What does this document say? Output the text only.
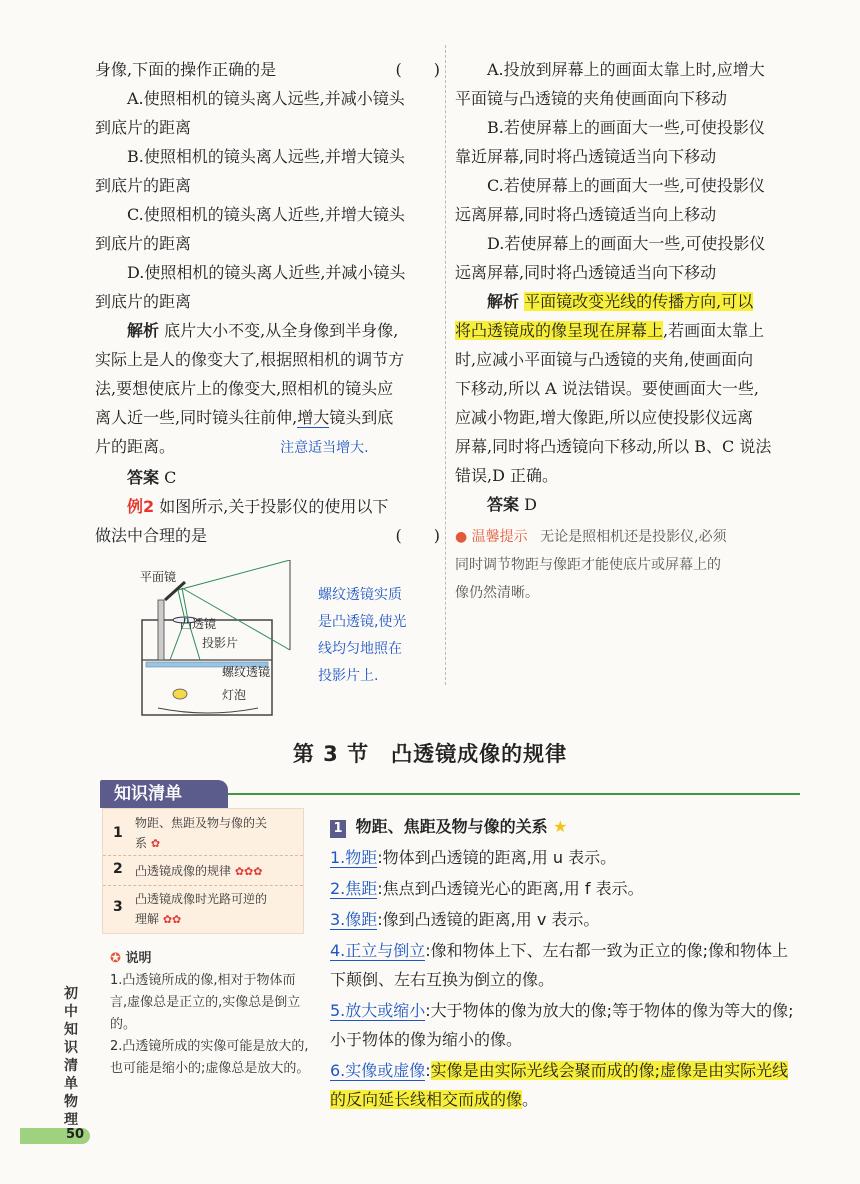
身像,下面的操作正确的是	(　　)

A.使照相机的镜头离人远些,并减小镜头

到底片的距离

B.使照相机的镜头离人远些,并增大镜头

到底片的距离

C.使照相机的镜头离人近些,并增大镜头

到底片的距离

D.使照相机的镜头离人近些,并减小镜头

到底片的距离

解析 底片大小不变,从全身像到半身像,

实际上是人的像变大了,根据照相机的调节方

法,要想使底片上的像变大,照相机的镜头应

离人近一些,同时镜头往前伸,增大镜头到底

片的距离。	注意适当增大.

答案 C

例2 如图所示,关于投影仪的使用以下

做法中合理的是	(　　)

平面镜
凸透镜
投影片
螺纹透镜
灯泡
螺纹透镜实质
是凸透镜,使光
线均匀地照在
投影片上.

A.投放到屏幕上的画面太靠上时,应增大

平面镜与凸透镜的夹角使画面向下移动

B.若使屏幕上的画面大一些,可使投影仪

靠近屏幕,同时将凸透镜适当向下移动

C.若使屏幕上的画面大一些,可使投影仪

远离屏幕,同时将凸透镜适当向上移动

D.若使屏幕上的画面大一些,可使投影仪

远离屏幕,同时将凸透镜适当向下移动

解析 平面镜改变光线的传播方向,可以

将凸透镜成的像呈现在屏幕上,若画面太靠上

时,应减小平面镜与凸透镜的夹角,使画面向

下移动,所以 A 说法错误。要使画面大一些,

应减小物距,增大像距,所以应使投影仪远离

屏幕,同时将凸透镜向下移动,所以 B、C 说法

错误,D 正确。

答案 D

● 温馨提示 无论是照相机还是投影仪,必须
同时调节物距与像距才能使底片或屏幕上的
像仍然清晰。
第 3 节　凸透镜成像的规律
知识清单
1
物距、焦距及物与像的关
系 ✿
2 凸透镜成像的规律 ✿✿✿
3 凸透镜成像时光路可逆的
理解 ✿✿
✪ 说明
1.凸透镜所成的像,相对于物体而言,虚像总是正立的,实像总是倒立的。
2.凸透镜所成的实像可能是放大的,也可能是缩小的;虚像总是放大的。
初中知识清单　物理
50
1 物距、焦距及物与像的关系 ★
1.物距:物体到凸透镜的距离,用 u 表示。
2.焦距:焦点到凸透镜光心的距离,用 f 表示。
3.像距:像到凸透镜的距离,用 v 表示。
4.正立与倒立:像和物体上下、左右都一致为正立的像;像和物体上下颠倒、左右互换为倒立的像。
5.放大或缩小:大于物体的像为放大的像;等于物体的像为等大的像;小于物体的像为缩小的像。
6.实像或虚像:实像是由实际光线会聚而成的像;虚像是由实际光线的反向延长线相交而成的像。
